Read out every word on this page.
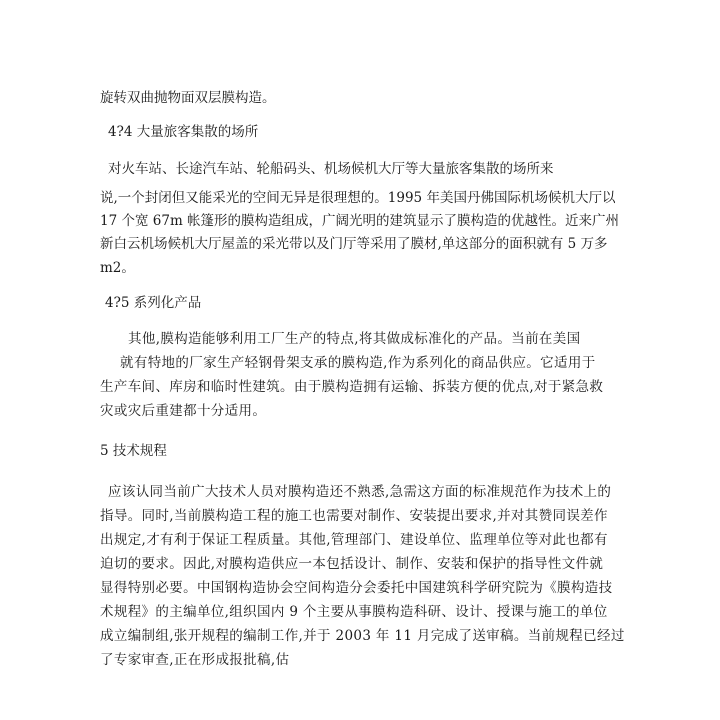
旋转双曲抛物面双层膜构造。
4?4 大量旅客集散的场所
对火车站、长途汽车站、轮船码头、机场候机大厅等大量旅客集散的场所来
说,一个封闭但又能采光的空间无异是很理想的。1995 年美国丹佛国际机场候机大厅以
17 个宽 67m 帐篷形的膜构造组成，广阔光明的建筑显示了膜构造的优越性。近来广州
新白云机场候机大厅屋盖的采光带以及门厅等采用了膜材,单这部分的面积就有 5 万多
m2。
4?5 系列化产品
其他,膜构造能够利用工厂生产的特点,将其做成标准化的产品。当前在美国
就有特地的厂家生产轻钢骨架支承的膜构造,作为系列化的商品供应。它适用于
生产车间、库房和临时性建筑。由于膜构造拥有运输、拆装方便的优点,对于紧急救
灾或灾后重建都十分适用。
5 技术规程
应该认同当前广大技术人员对膜构造还不熟悉,急需这方面的标准规范作为技术上的
指导。同时,当前膜构造工程的施工也需要对制作、安装提出要求,并对其赞同误差作
出规定,才有利于保证工程质量。其他,管理部门、建设单位、监理单位等对此也都有
迫切的要求。因此,对膜构造供应一本包括设计、制作、安装和保护的指导性文件就
显得特别必要。中国钢构造协会空间构造分会委托中国建筑科学研究院为《膜构造技
术规程》的主编单位,组织国内 9 个主要从事膜构造科研、设计、授课与施工的单位
成立编制组,张开规程的编制工作,并于 2003 年 11 月完成了送审稿。当前规程已经过
了专家审查,正在形成报批稿,估
